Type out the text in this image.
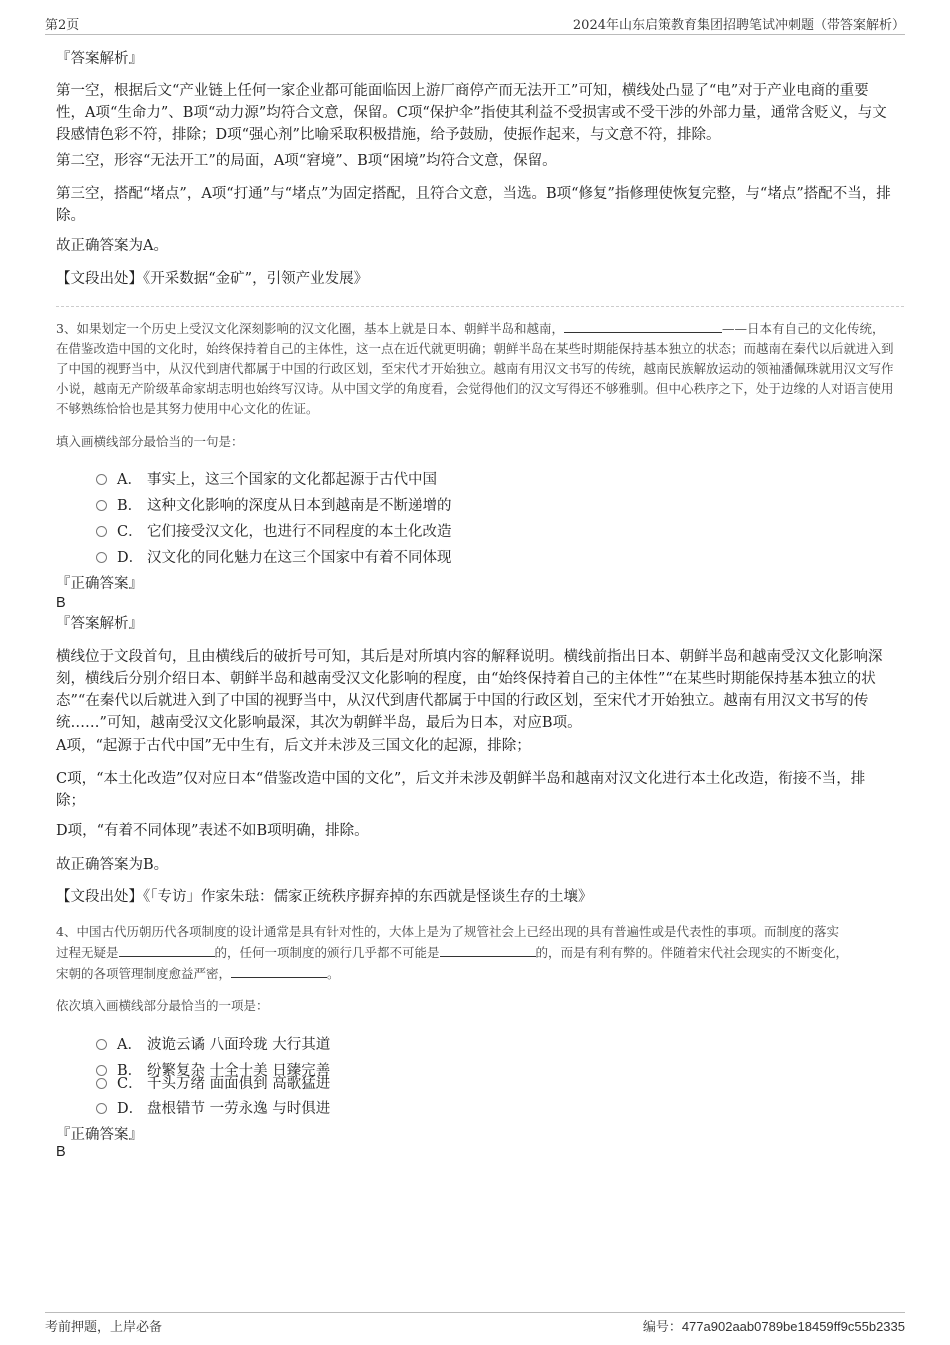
第2页	2024年山东启策教育集团招聘笔试冲刺题（带答案解析）
『答案解析』
第一空，根据后文“产业链上任何一家企业都可能面临因上游厂商停产而无法开工”可知，横线处凸显了“电”对于产业电商的重要性，A项“生命力”、B项“动力源”均符合文意，保留。C项“保护伞”指使其利益不受损害或不受干涉的外部力量，通常含贬义，与文段感情色彩不符，排除；D项“强心剂”比喻采取积极措施，给予鼓励，使振作起来，与文意不符，排除。
第二空，形容“无法开工”的局面，A项“窘境”、B项“困境”均符合文意，保留。
第三空，搭配“堵点”，A项“打通”与“堵点”为固定搭配，且符合文意，当选。B项“修复”指修理使恢复完整，与“堵点”搭配不当，排除。
故正确答案为A。
【文段出处】《开采数据“金矿”，引领产业发展》
3、如果划定一个历史上受汉文化深刻影响的汉文化圈，基本上就是日本、朝鲜半岛和越南，	——日本有自己的文化传统，在借鉴改造中国的文化时，始终保持着自己的主体性，这一点在近代就更明确；朝鲜半岛在某些时期能保持基本独立的状态；而越南在秦代以后就进入到了中国的视野当中，从汉代到唐代都属于中国的行政区划，至宋代才开始独立。越南有用汉文书写的传统，越南民族解放运动的领袖潘佩珠就用汉文写作小说，越南无产阶级革命家胡志明也始终写汉诗。从中国文学的角度看，会觉得他们的汉文写得还不够雅驯。但中心秩序之下，处于边缘的人对语言使用不够熟练恰恰也是其努力使用中心文化的佐证。
填入画横线部分最恰当的一句是：
A． 事实上，这三个国家的文化都起源于古代中国
B． 这种文化影响的深度从日本到越南是不断递增的
C． 它们接受汉文化，也进行不同程度的本土化改造
D． 汉文化的同化魅力在这三个国家中有着不同体现
『正确答案』
B
『答案解析』
横线位于文段首句，且由横线后的破折号可知，其后是对所填内容的解释说明。横线前指出日本、朝鲜半岛和越南受汉文化影响深刻，横线后分别介绍日本、朝鲜半岛和越南受汉文化影响的程度，由“始终保持着自己的主体性”“在某些时期能保持基本独立的状态”“在秦代以后就进入到了中国的视野当中，从汉代到唐代都属于中国的行政区划，至宋代才开始独立。越南有用汉文书写的传统……”可知，越南受汉文化影响最深，其次为朝鲜半岛，最后为日本，对应B项。
A项，“起源于古代中国”无中生有，后文并未涉及三国文化的起源，排除；
C项，“本土化改造”仅对应日本“借鉴改造中国的文化”，后文并未涉及朝鲜半岛和越南对汉文化进行本土化改造，衔接不当，排除；
D项，“有着不同体现”表述不如B项明确，排除。
故正确答案为B。
【文段出处】《「专访」作家朱琺：儒家正统秩序摒弃掉的东西就是怪谈生存的土壤》
4、中国古代历朝历代各项制度的设计通常是具有针对性的，大体上是为了规管社会上已经出现的具有普遍性或是代表性的事项。而制度的落实
过程无疑是	的，任何一项制度的颁行几乎都不可能是	的，而是有利有弊的。伴随着宋代社会现实的不断变化，
宋朝的各项管理制度愈益严密，	。
依次填入画横线部分最恰当的一项是：
A． 波诡云谲 八面玲珑 大行其道
B． 纷繁复杂 十全十美 日臻完善
C． 千头万绪 面面俱到 高歌猛进
D． 盘根错节 一劳永逸 与时俱进
『正确答案』
B
考前押题，上岸必备	编号：477a902aab0789be18459ff9c55b2335
